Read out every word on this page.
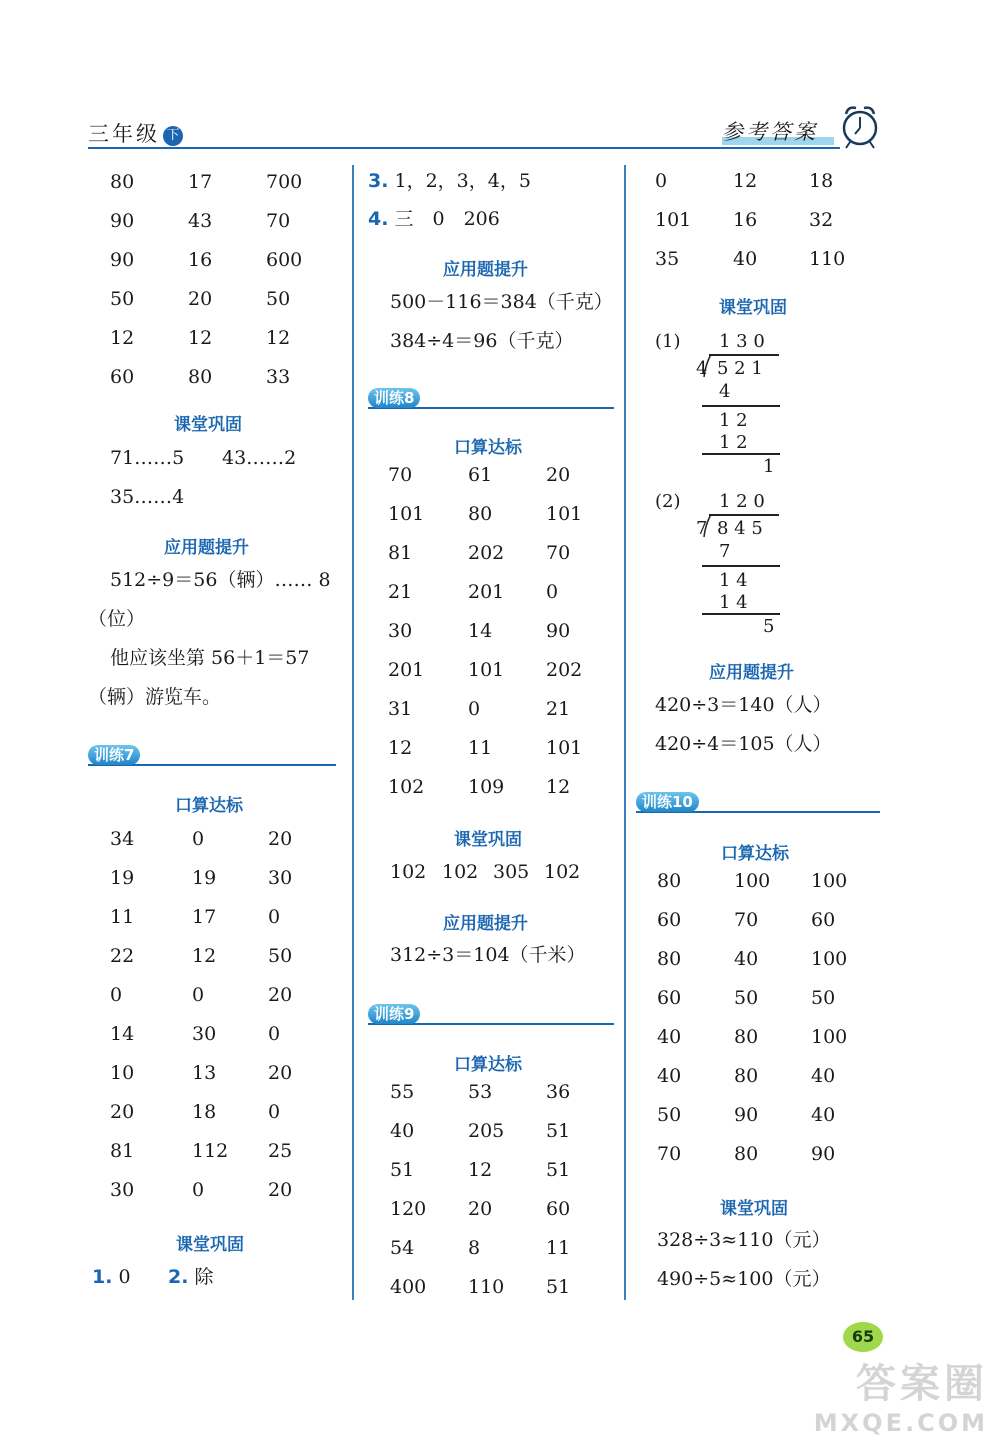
三年级 下	参考答案
80	17	700
90	43	70
90	16	600
50	20	50
12	12	12
60	80	33
课堂巩固
71……5 43……2
35……4
应用题提升
512÷9＝56（辆）…… 8
（位）
他应该坐第 56＋1＝57
（辆）游览车。
训练7
口算达标
34	0	20
19	19	30
11	17	0
22	12	50
0	0	20
14	30	0
10	13	20
20	18	0
81	112	25
30	0	20
课堂巩固
1. 0 2. 除
3. 1，2，3，4，5
4. 三　0　206
应用题提升
500－116＝384（千克）
384÷4＝96（千克）
训练8
口算达标
70	61	20
101	80	101
81	202	70
21	201	0
30	14	90
201	101	202
31	0	21
12	11	101
102	109	12
课堂巩固
102 102 305 102
应用题提升
312÷3＝104（千米）
训练9
口算达标
55	53	36
40	205	51
51	12	51
120	20	60
54	8	11
400	110	51
0	12	18
101	16	32
35	40	110
课堂巩固
(1) 1 3 0
4 5 2 1
4
1 2
1 2
1
(2) 1 2 0
7 8 4 5
7
1 4
1 4
5
应用题提升
420÷3＝140（人）
420÷4＝105（人）
训练10
口算达标
80	100	100
60	70	60
80	40	100
60	50	50
40	80	100
40	80	40
50	90	40
70	80	90
课堂巩固
328÷3≈110（元）
490÷5≈100（元）
65
答案圈
MXQE.COM
